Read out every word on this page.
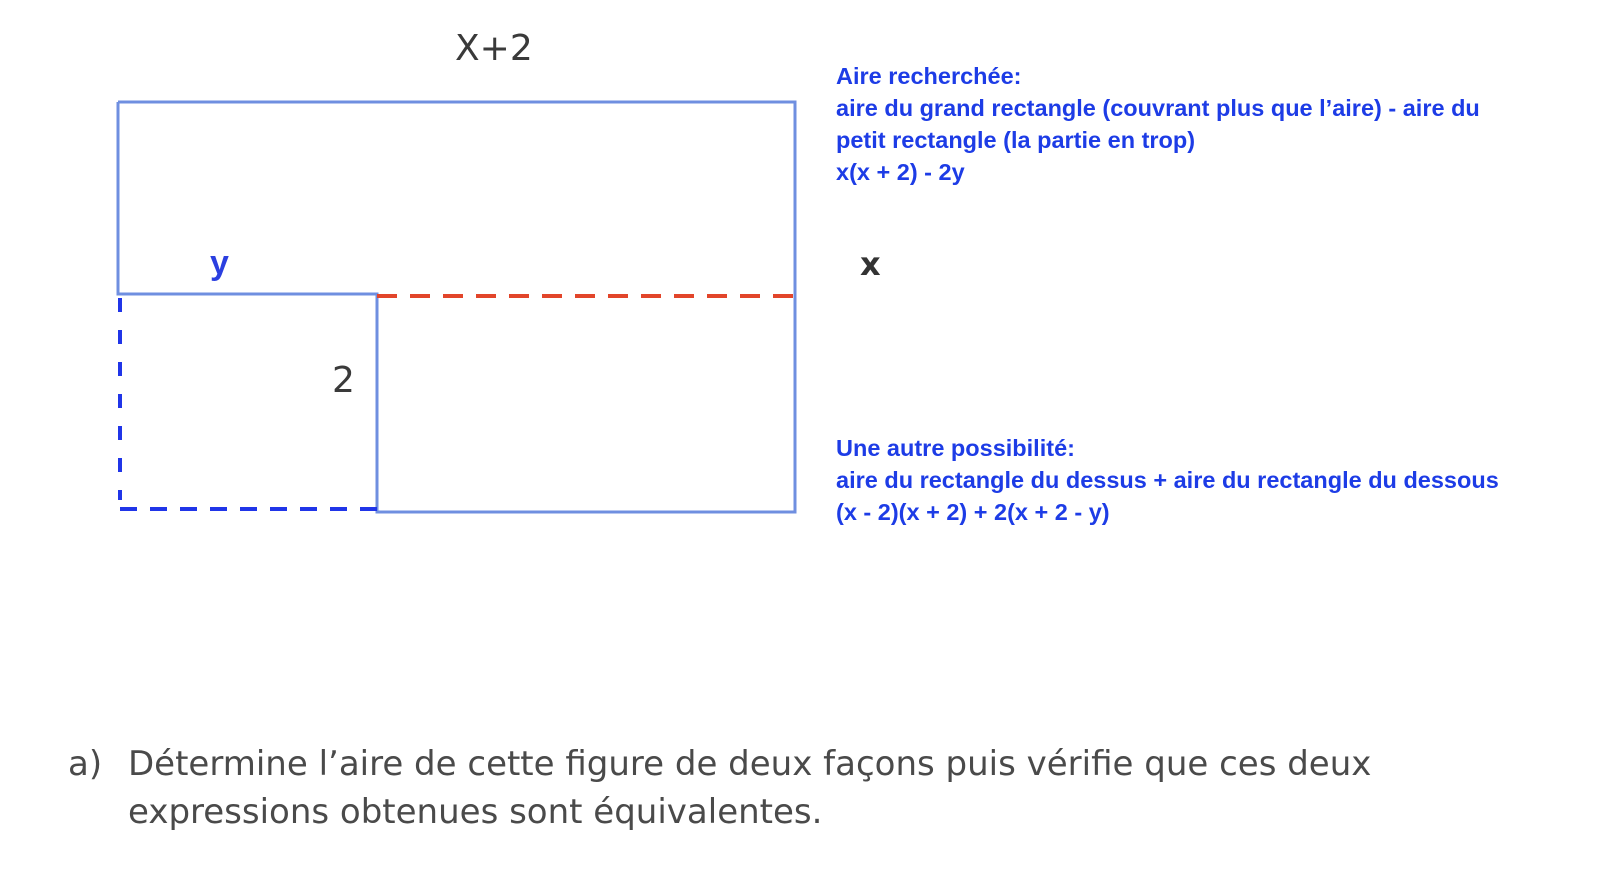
X+2
x
y
2
Aire recherchée:
aire du grand rectangle (couvrant plus que l’aire) - aire du
petit rectangle (la partie en trop)
x(x + 2) - 2y
Une autre possibilité:
aire du rectangle du dessus + aire du rectangle du dessous
(x - 2)(x + 2) + 2(x + 2 - y)
a) Détermine l’aire de cette figure de deux façons puis vérifie que ces deux
expressions obtenues sont équivalentes.
